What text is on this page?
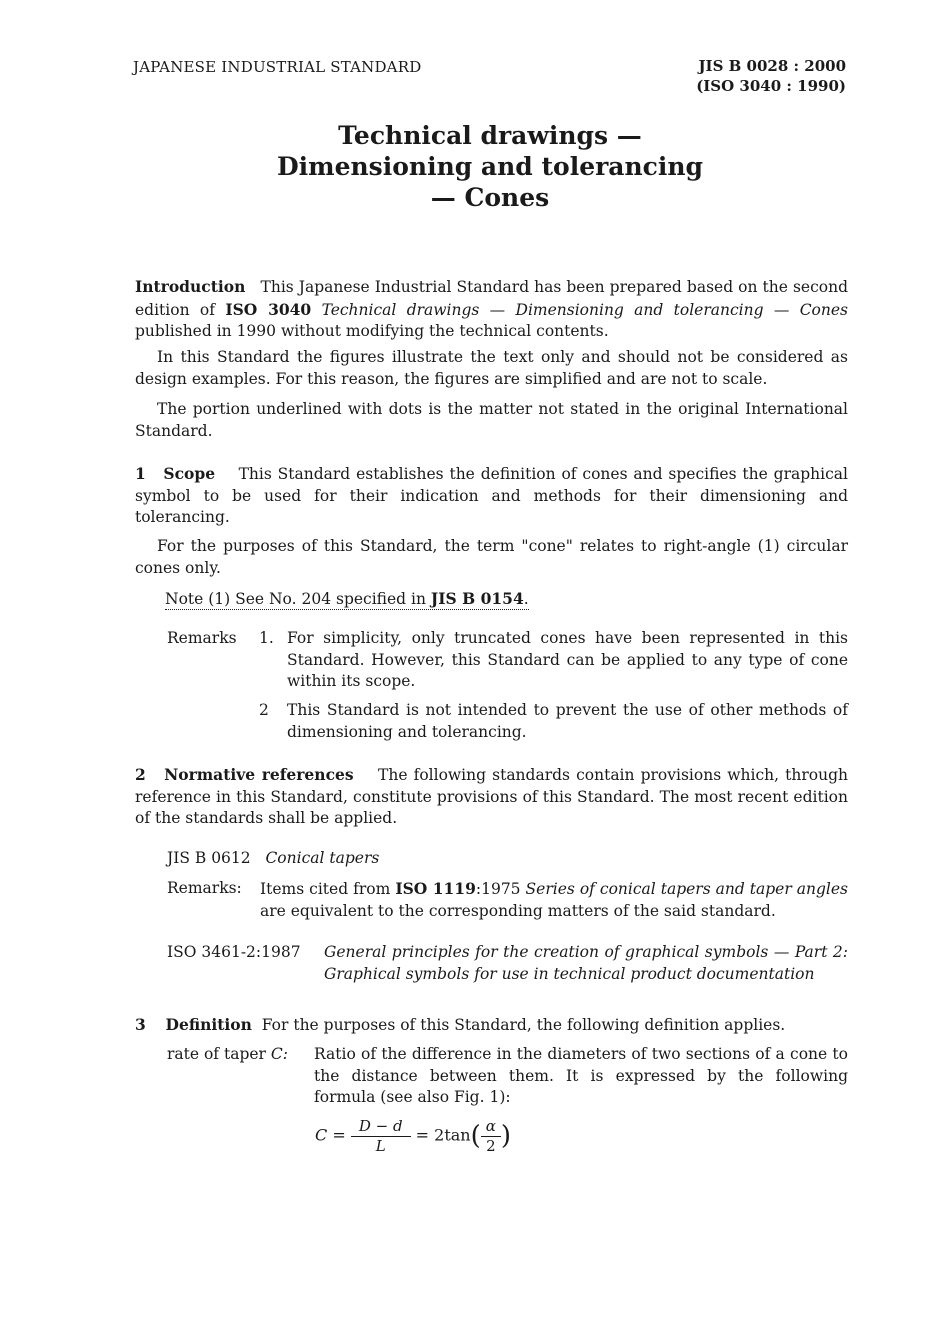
JAPANESE INDUSTRIAL STANDARD	JIS B 0028 : 2000
(ISO 3040 : 1990)
Technical drawings —
Dimensioning and tolerancing
— Cones
Introduction This Japanese Industrial Standard has been prepared based on the second edition of ISO 3040 Technical drawings — Dimensioning and tolerancing — Cones published in 1990 without modifying the technical contents.
In this Standard the figures illustrate the text only and should not be considered as design examples. For this reason, the figures are simplified and are not to scale.
The portion underlined with dots is the matter not stated in the original International Standard.
1 Scope This Standard establishes the definition of cones and specifies the graphical symbol to be used for their indication and methods for their dimensioning and tolerancing.
For the purposes of this Standard, the term "cone" relates to right-angle (1) circular cones only.
Note (1) See No. 204 specified in JIS B 0154.
Remarks 1. For simplicity, only truncated cones have been represented in this Standard. However, this Standard can be applied to any type of cone within its scope.
2 This Standard is not intended to prevent the use of other methods of dimensioning and tolerancing.
2 Normative references The following standards contain provisions which, through reference in this Standard, constitute provisions of this Standard. The most recent edition of the standards shall be applied.
JIS B 0612 Conical tapers
Remarks: Items cited from ISO 1119:1975 Series of conical tapers and taper angles are equivalent to the corresponding matters of the said standard.
ISO 3461-2:1987 General principles for the creation of graphical symbols — Part 2: Graphical symbols for use in technical product documentation
3 Definition For the purposes of this Standard, the following definition applies.
rate of taper C: Ratio of the difference in the diameters of two sections of a cone to the distance between them. It is expressed by the following formula (see also Fig. 1):
$C = \frac{D - d}{L} = 2\tan( \frac{\alpha}{2}$ )
